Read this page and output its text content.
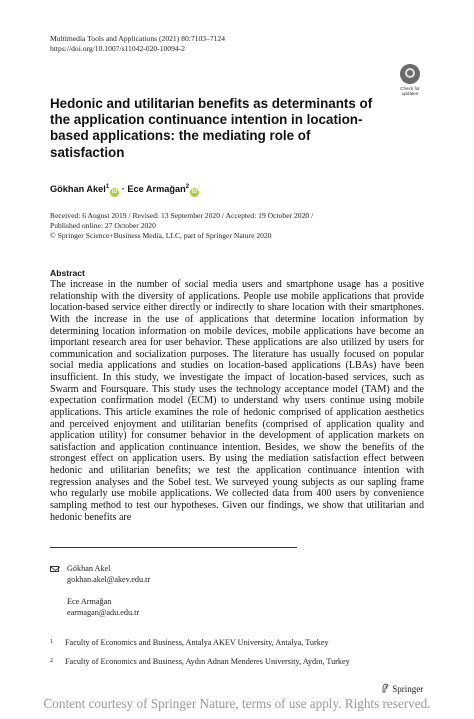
Multimedia Tools and Applications (2021) 80:7103–7124
https://doi.org/10.1007/s11042-020-10094-2
Check for
updates
Hedonic and utilitarian benefits as determinants of the application continuance intention in location-based applications: the mediating role of satisfaction
Gökhan Akel$^1$iD · Ece Armağan$^2$iD
Received: 6 August 2019 / Revised: 13 September 2020 / Accepted: 19 October 2020 /
Published online: 27 October 2020
© Springer Science+Business Media, LLC, part of Springer Nature 2020
Abstract

The increase in the number of social media users and smartphone usage has a positive relationship with the diversity of applications. People use mobile applications that provide location-based service either directly or indirectly to share location with their smartphones. With the increase in the use of applications that determine location information by determining location information on mobile devices, mobile applications have become an important research area for user behavior. These applications are also utilized by users for communication and socialization purposes. The literature has usually focused on popular social media applications and studies on location-based applications (LBAs) have been insufficient. In this study, we investigate the impact of location-based services, such as Swarm and Foursquare. This study uses the technology acceptance model (TAM) and the expectation confirmation model (ECM) to understand why users continue using mobile applications. This article examines the role of hedonic comprised of application aesthetics and perceived enjoyment and utilitarian benefits (comprised of application quality and application utility) for consumer behavior in the development of application markets on satisfaction and application continuance intention. Besides, we show the benefits of the strongest effect on application users. By using the mediation satisfaction effect between hedonic and utilitarian benefits; we test the application continuance intention with regression analyses and the Sobel test. We surveyed young subjects as our sapling frame who regularly use mobile applications. We collected data from 400 users by convenience sampling method to test our hypotheses. Given our findings, we show that utilitarian and hedonic benefits are

Gökhan Akel
gokhan.akel@akev.edu.tr
Ece Armağan
earmagan@adu.edu.tr
1 Faculty of Economics and Business, Antalya AKEV University, Antalya, Turkey
2 Faculty of Economics and Business, Aydın Adnan Menderes University, Aydın, Turkey
Springer
Content courtesy of Springer Nature, terms of use apply. Rights reserved.
